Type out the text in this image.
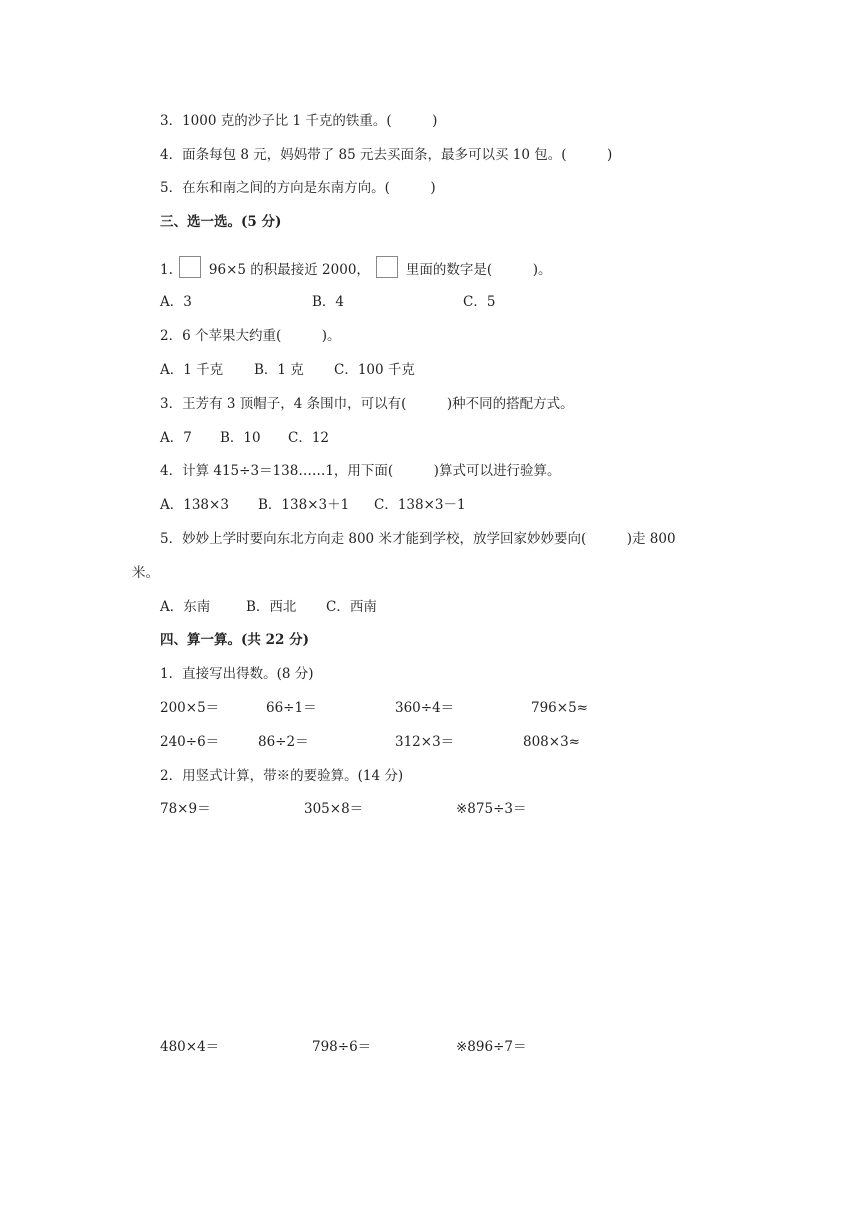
3．1000 克的沙子比 1 千克的铁重。(　　　)
4．面条每包 8 元，妈妈带了 85 元去买面条，最多可以买 10 包。(　　　)
5．在东和南之间的方向是东南方向。(　　　)
三、选一选。(5 分)
1.	96×5 的积最接近 2000，	里面的数字是(　　　)。
A．3	B．4	C．5
2．6 个苹果大约重(　　　)。
A．1 千克 B．1 克 C．100 千克
3．王芳有 3 顶帽子，4 条围巾，可以有(　　　)种不同的搭配方式。
A．7 B．10 C．12
4．计算 415÷3＝138……1，用下面(　　　)算式可以进行验算。
A．138×3 B．138×3＋1 C．138×3－1
5．妙妙上学时要向东北方向走 800 米才能到学校，放学回家妙妙要向(　　　)走 800
米。
A．东南	B．西北 C．西南
四、算一算。(共 22 分)
1．直接写出得数。(8 分)
200×5＝	66÷1＝	360÷4＝	796×5≈
240÷6＝	86÷2＝	312×3＝	808×3≈
2．用竖式计算，带※的要验算。(14 分)
78×9＝	305×8＝	※875÷3＝
480×4＝	798÷6＝	※896÷7＝
